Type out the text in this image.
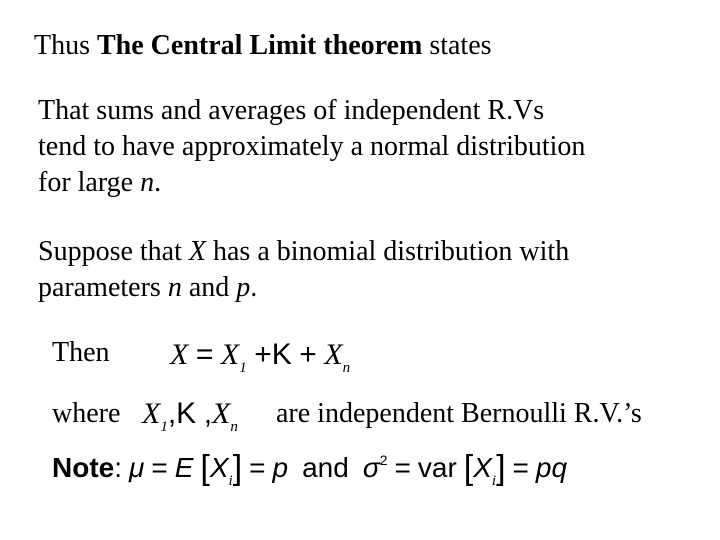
Thus The Central Limit theorem states
That sums and averages of independent R.Vs
tend to have approximately a normal distribution
for large n.
Suppose that X has a binomial distribution with
parameters n and p.
Then $X = X_1 +K + X_n$
where $X_1,K$ $,X_n$ are independent Bernoulli R.V.’s
Note: μ = E $[X_i] = p$ and $\sigma^2$ = var $[X_i]$ = pq
